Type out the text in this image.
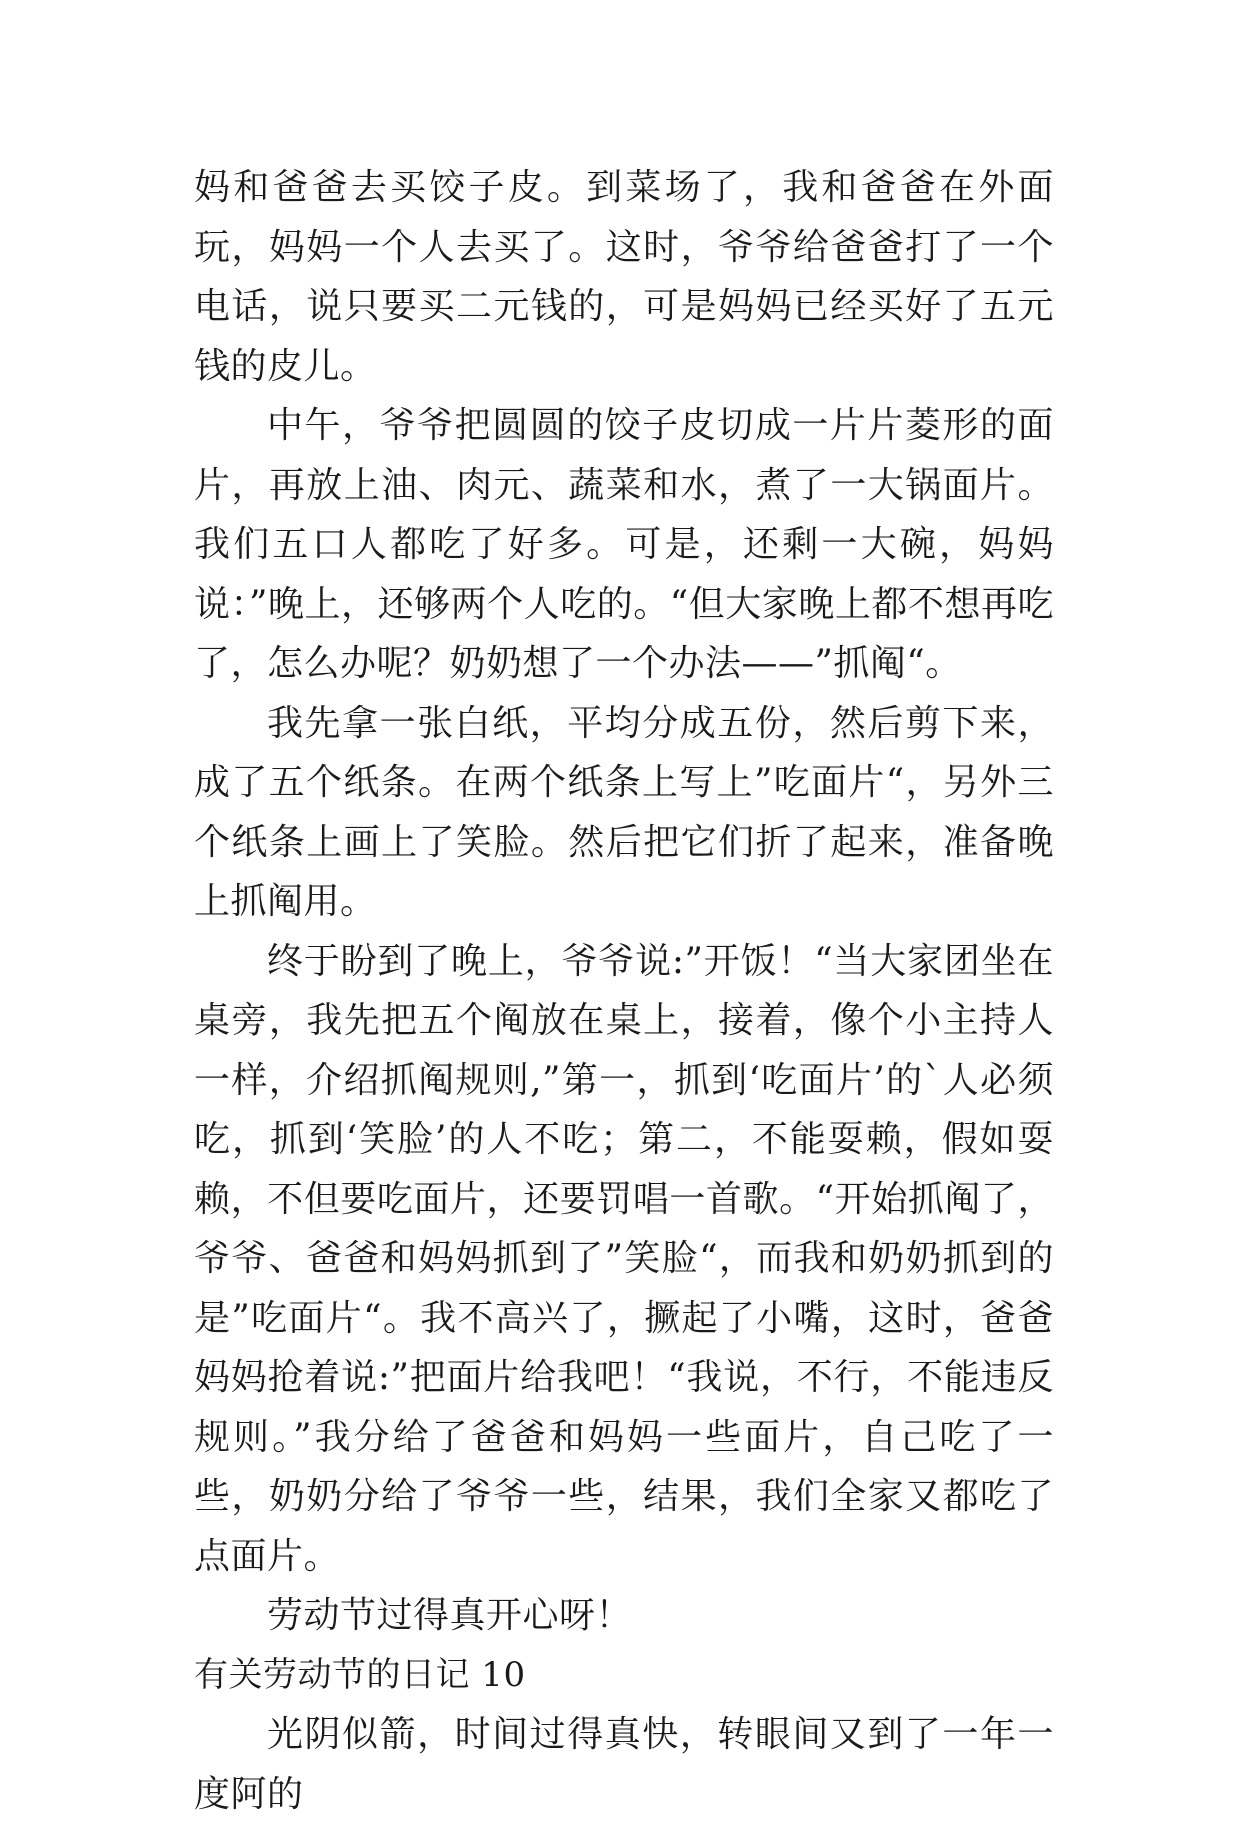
妈和爸爸去买饺子皮。到菜场了，我和爸爸在外面玩，妈妈一个人去买了。这时，爷爷给爸爸打了一个电话，说只要买二元钱的，可是妈妈已经买好了五元钱的皮儿。

中午，爷爷把圆圆的饺子皮切成一片片菱形的面片，再放上油、肉元、蔬菜和水，煮了一大锅面片。我们五口人都吃了好多。可是，还剩一大碗，妈妈说：”晚上，还够两个人吃的。“但大家晚上都不想再吃了，怎么办呢？奶奶想了一个办法——”抓阄“。

我先拿一张白纸，平均分成五份，然后剪下来，成了五个纸条。在两个纸条上写上”吃面片“，另外三个纸条上画上了笑脸。然后把它们折了起来，准备晚上抓阄用。

终于盼到了晚上，爷爷说:”开饭！“当大家团坐在桌旁，我先把五个阄放在桌上，接着，像个小主持人一样，介绍抓阄规则,”第一，抓到‘吃面片’的`人必须吃，抓到‘笑脸’的人不吃；第二，不能耍赖，假如耍赖，不但要吃面片，还要罚唱一首歌。“开始抓阄了，爷爷、爸爸和妈妈抓到了”笑脸“，而我和奶奶抓到的是”吃面片“。我不高兴了，撅起了小嘴，这时，爸爸妈妈抢着说:”把面片给我吧！“我说，不行，不能违反规则。”我分给了爸爸和妈妈一些面片，自己吃了一些，奶奶分给了爷爷一些，结果，我们全家又都吃了点面片。

劳动节过得真开心呀！

有关劳动节的日记 10

光阴似箭，时间过得真快，转眼间又到了一年一度阿的
